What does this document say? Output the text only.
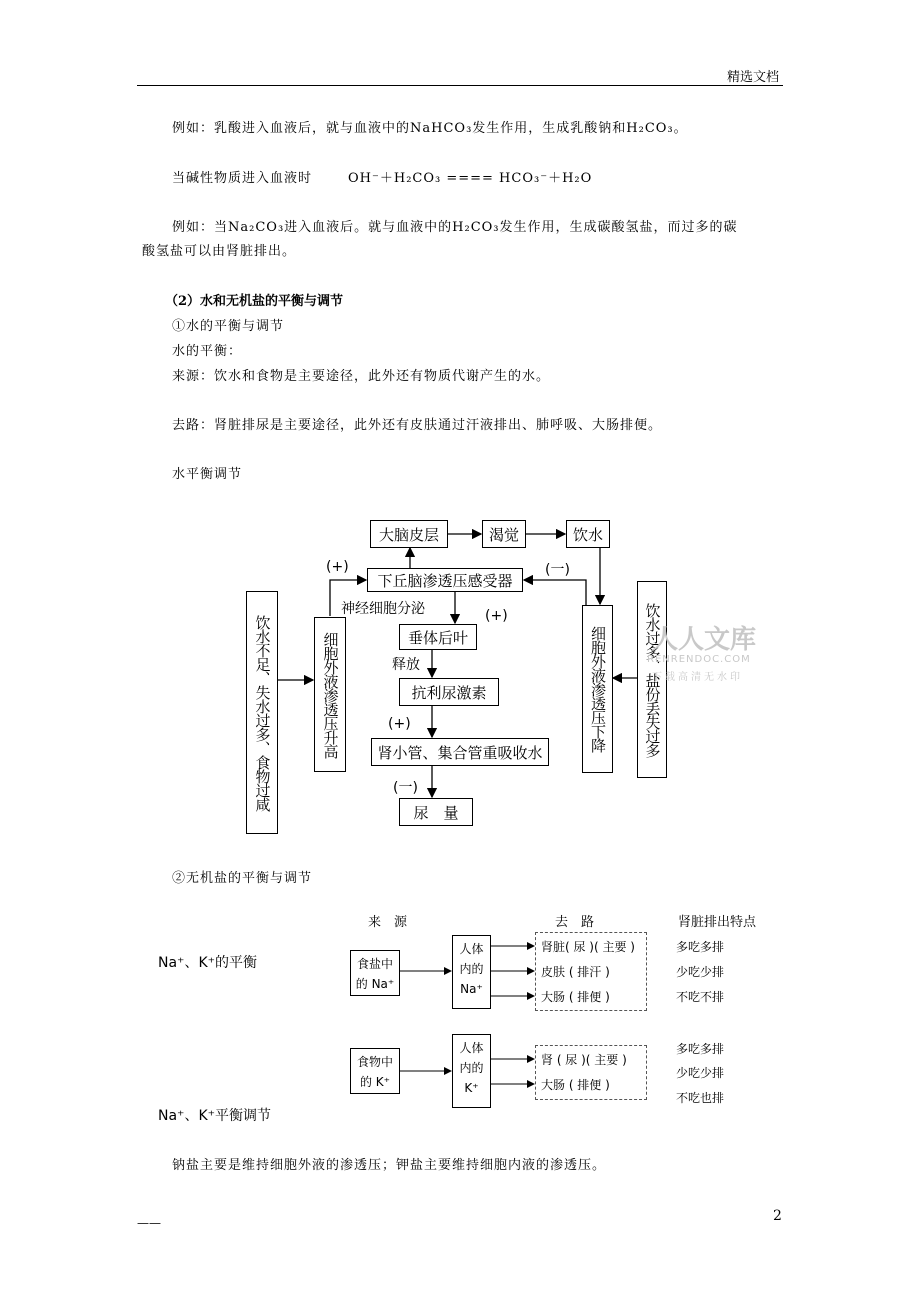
精选文档
例如：乳酸进入血液后，就与血液中的NaHCO₃发生作用，生成乳酸钠和H₂CO₃。
当碱性物质进入血液时	OH⁻＋H₂CO₃ ==== HCO₃⁻＋H₂O
例如：当Na₂CO₃进入血液后。就与血液中的H₂CO₃发生作用，生成碳酸氢盐，而过多的碳
酸氢盐可以由肾脏排出。
（2）水和无机盐的平衡与调节
①水的平衡与调节
水的平衡：
来源：饮水和食物是主要途径，此外还有物质代谢产生的水。
去路：肾脏排尿是主要途径，此外还有皮肤通过汗液排出、肺呼吸、大肠排便。
水平衡调节
大脑皮层	渴觉	饮水
下丘脑渗透压感受器
垂体后叶
抗利尿激素
肾小管、集合管重吸收水
尿　量
饮水不足、失水过多、食物过咸	细胞外液渗透压升高	细胞外液渗透压下降	饮水过多、盐份丢失过多
(+)	(一)
神经细胞分泌	(+)
释放
(+)
(一)
人人文库
RENRENDOC.COM
下载高清无水印
②无机盐的平衡与调节
来　源	去　路	肾脏排出特点
Na⁺、K⁺的平衡	食盐中
的 Na⁺
人体
内的
Na⁺
肾脏( 尿 )( 主要 )
皮肤 ( 排汗 )
大肠 ( 排便 )
多吃多排
少吃少排
不吃不排
食物中
的 K⁺
人体
内的
K⁺
肾 ( 尿 )( 主要 )
大肠 ( 排便 )
多吃多排
少吃少排
不吃也排
Na⁺、K⁺平衡调节
钠盐主要是维持细胞外液的渗透压；钾盐主要维持细胞内液的渗透压。
——	2
